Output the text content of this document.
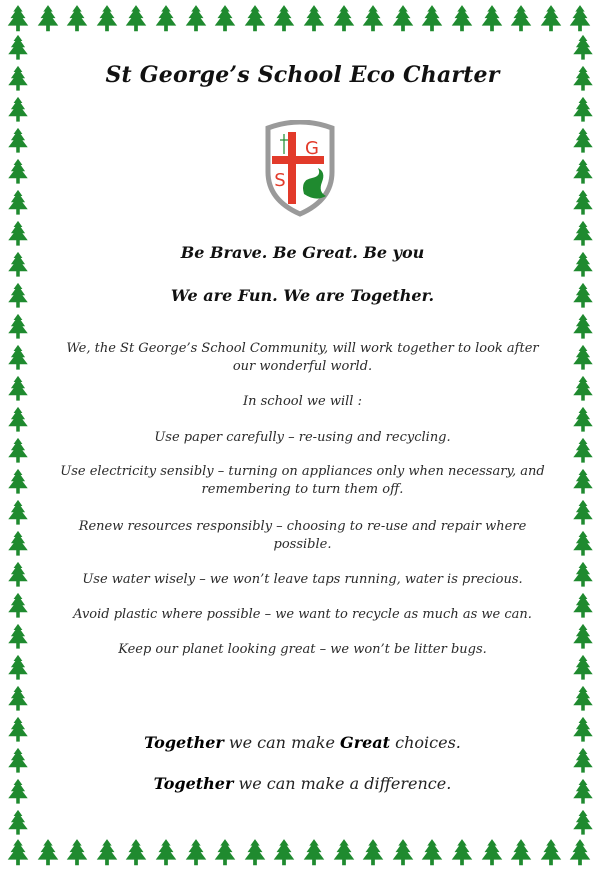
St George’s School Eco Charter
G
S
Be Brave. Be Great. Be you
We are Fun. We are Together.
We, the St George’s School Community, will work together to look after our wonderful world.
In school we will :
Use paper carefully – re-using and recycling.
Use electricity sensibly – turning on appliances only when necessary, and remembering to turn them off.
Renew resources responsibly – choosing to re-use and repair where possible.
Use water wisely – we won’t leave taps running, water is precious.
Avoid plastic where possible – we want to recycle as much as we can.
Keep our planet looking great – we won’t be litter bugs.
Together we can make Great choices.
Together we can make a difference.
